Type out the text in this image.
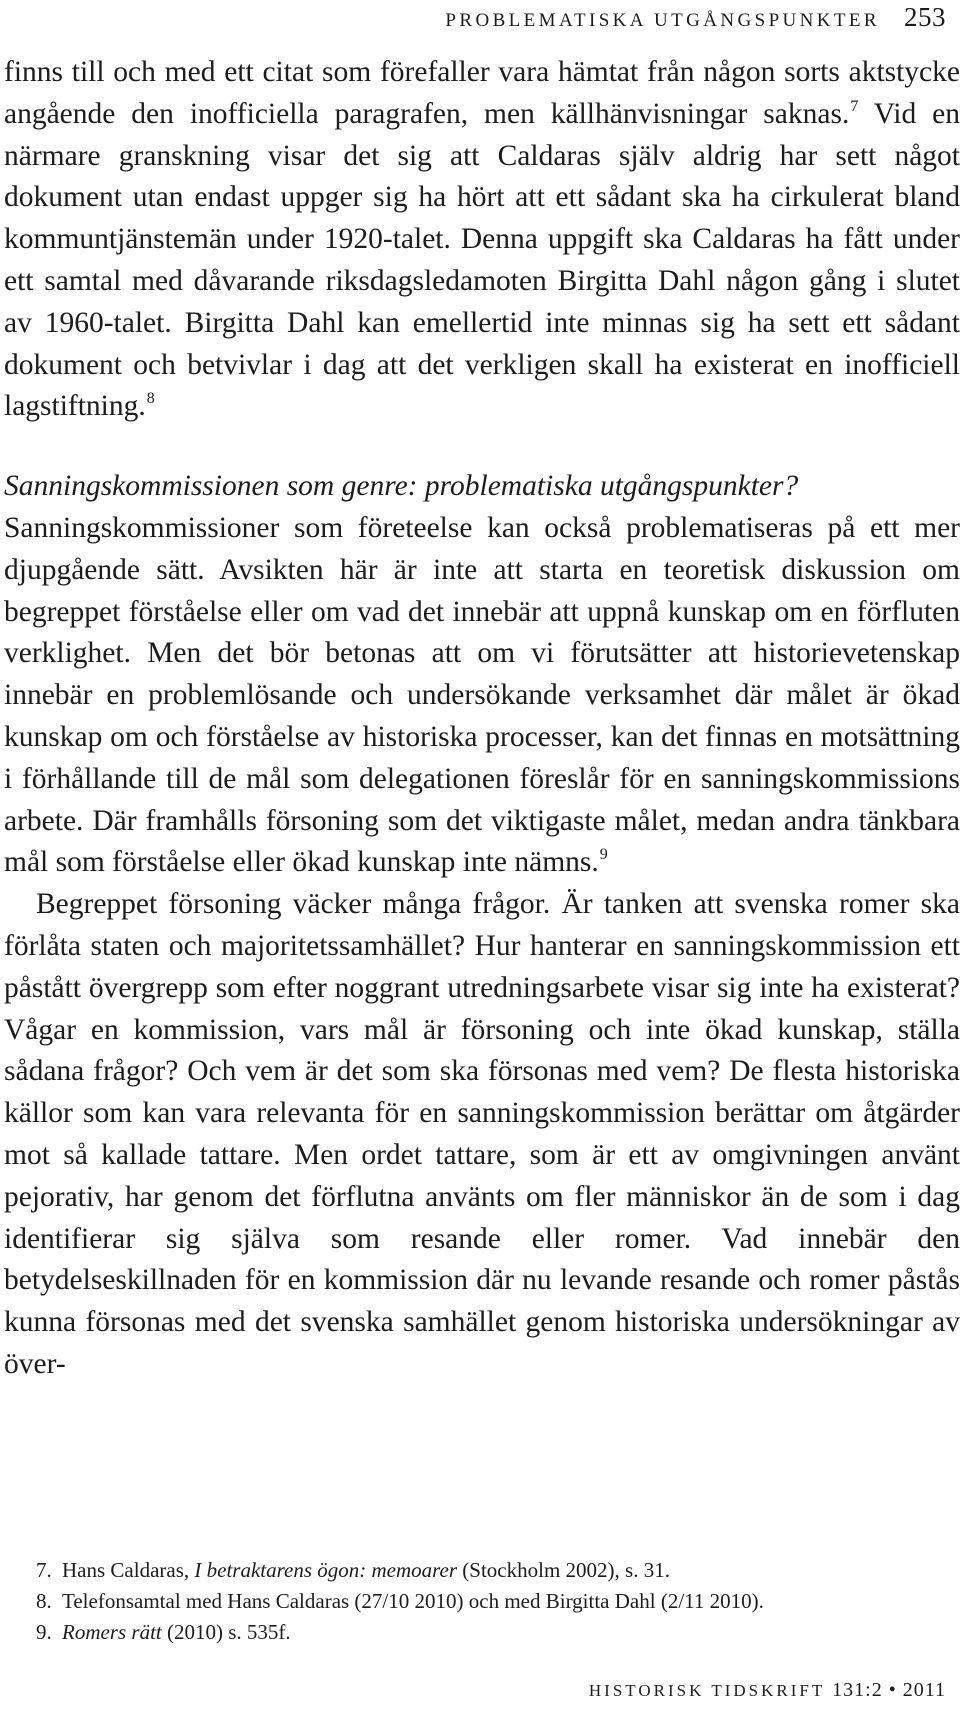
PROBLEMATISKA UTGÅNGSPUNKTER 253

finns till och med ett citat som förefaller vara hämtat från någon sorts aktstycke angående den inofficiella paragrafen, men källhänvisningar saknas.$^7$ Vid en närmare granskning visar det sig att Caldaras själv aldrig har sett något dokument utan endast uppger sig ha hört att ett sådant ska ha cirkulerat bland kommuntjänstemän under 1920-talet. Denna uppgift ska Caldaras ha fått under ett samtal med dåvarande riksdagsledamoten Birgitta Dahl någon gång i slutet av 1960-talet. Birgitta Dahl kan emellertid inte minnas sig ha sett ett sådant dokument och betvivlar i dag att det verkligen skall ha existerat en inofficiell lagstiftning.$^8$

Sanningskommissionen som genre: problematiska utgångspunkter?

Sanningskommissioner som företeelse kan också problematiseras på ett mer djupgående sätt. Avsikten här är inte att starta en teoretisk diskussion om begreppet förståelse eller om vad det innebär att uppnå kunskap om en förfluten verklighet. Men det bör betonas att om vi förutsätter att historievetenskap innebär en problemlösande och undersökande verksamhet där målet är ökad kunskap om och förståelse av historiska processer, kan det finnas en motsättning i förhållande till de mål som delegationen föreslår för en sanningskommissions arbete. Där framhålls försoning som det viktigaste målet, medan andra tänkbara mål som förståelse eller ökad kunskap inte nämns.$^9$

Begreppet försoning väcker många frågor. Är tanken att svenska romer ska förlåta staten och majoritetssamhället? Hur hanterar en sanningskommission ett påstått övergrepp som efter noggrant utredningsarbete visar sig inte ha existerat? Vågar en kommission, vars mål är försoning och inte ökad kunskap, ställa sådana frågor? Och vem är det som ska försonas med vem? De flesta historiska källor som kan vara relevanta för en sanningskommission berättar om åtgärder mot så kallade tattare. Men ordet tattare, som är ett av omgivningen använt pejorativ, har genom det förflutna använts om fler människor än de som i dag identifierar sig själva som resande eller romer. Vad innebär den betydelseskillnaden för en kommission där nu levande resande och romer påstås kunna försonas med det svenska samhället genom historiska undersökningar av över-

7. Hans Caldaras, I betraktarens ögon: memoarer (Stockholm 2002), s. 31.
8. Telefonsamtal med Hans Caldaras (27/10 2010) och med Birgitta Dahl (2/11 2010).
9. Romers rätt (2010) s. 535f.
HISTORISK TIDSKRIFT 131:2 • 2011
